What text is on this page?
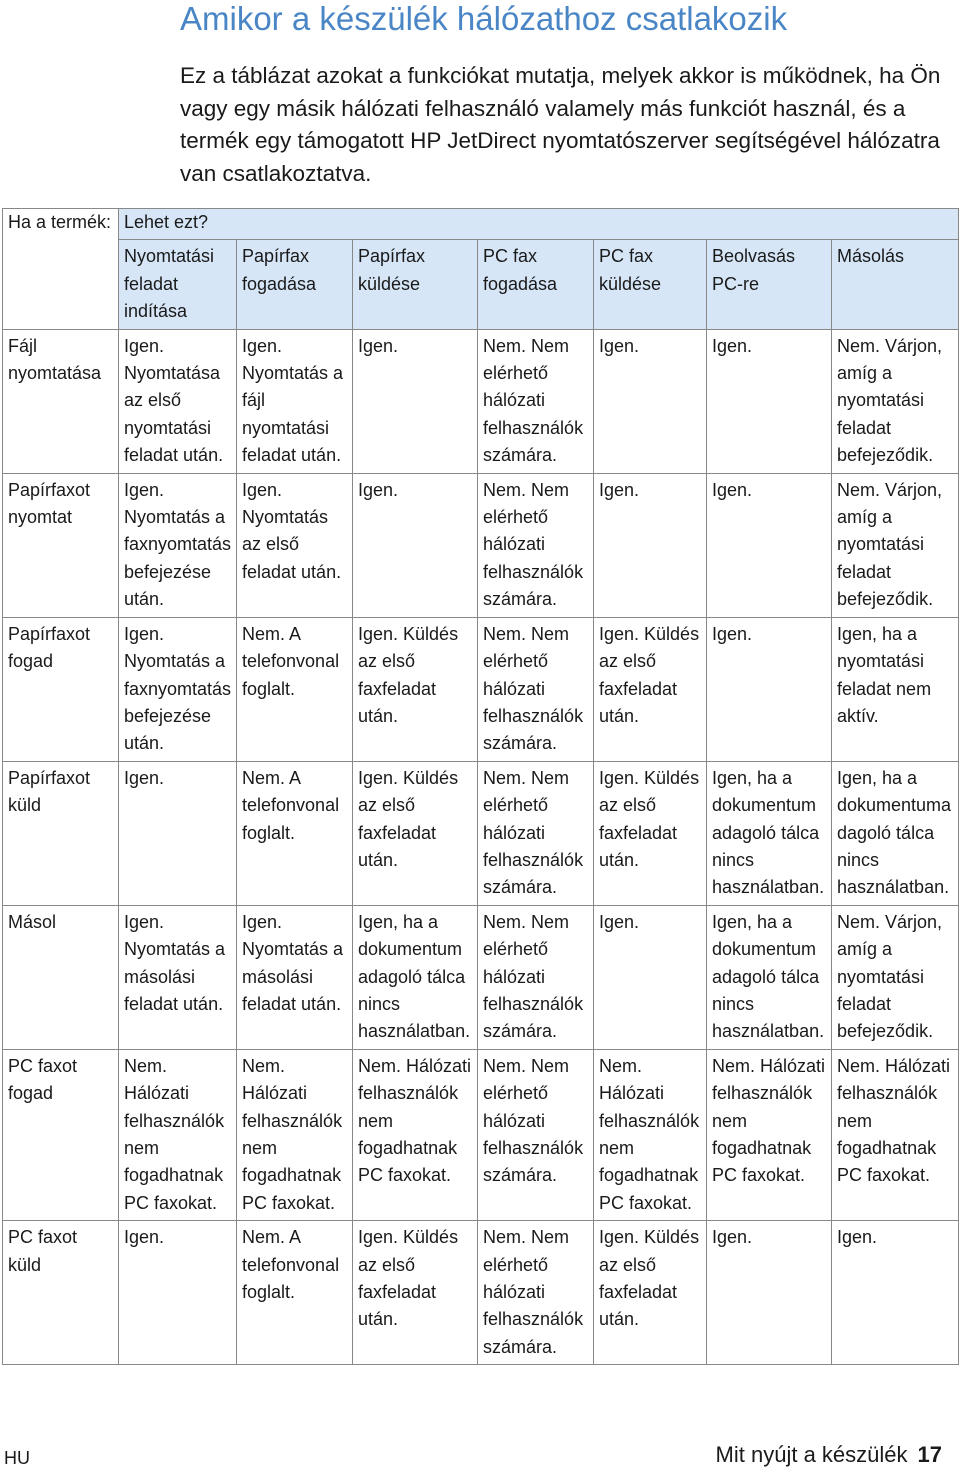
Amikor a készülék hálózathoz csatlakozik

Ez a táblázat azokat a funkciókat mutatja, melyek akkor is működnek, ha Ön vagy egy másik hálózati felhasználó valamely más funkciót használ, és a termék egy támogatott HP JetDirect nyomtatószerver segítségével hálózatra van csatlakoztatva.

Ha a termék:	Lehet ezt?						
	Nyomtatási feladat indítása	Papírfax fogadása	Papírfax küldése	PC fax fogadása	PC fax küldése	Beolvasás PC-re	Másolás
Fájl nyomtatása	Igen. Nyomtatása az első nyomtatási feladat után.	Igen. Nyomtatás a fájl nyomtatási feladat után.	Igen.	Nem. Nem elérhető hálózati felhasználók számára.	Igen.	Igen.	Nem. Várjon, amíg a nyomtatási feladat befejeződik.
Papírfaxot nyomtat	Igen. Nyomtatás a faxnyomtatás befejezése után.	Igen. Nyomtatás az első feladat után.	Igen.	Nem. Nem elérhető hálózati felhasználók számára.	Igen.	Igen.	Nem. Várjon, amíg a nyomtatási feladat befejeződik.
Papírfaxot fogad	Igen. Nyomtatás a faxnyomtatás befejezése után.	Nem. A telefonvonal foglalt.	Igen. Küldés az első faxfeladat után.	Nem. Nem elérhető hálózati felhasználók számára.	Igen. Küldés az első faxfeladat után.	Igen.	Igen, ha a nyomtatási feladat nem aktív.
Papírfaxot küld	Igen.	Nem. A telefonvonal foglalt.	Igen. Küldés az első faxfeladat után.	Nem. Nem elérhető hálózati felhasználók számára.	Igen. Küldés az első faxfeladat után.	Igen, ha a dokumentum adagoló tálca nincs használatban.	Igen, ha a dokumentuma dagoló tálca nincs használatban.
Másol	Igen. Nyomtatás a másolási feladat után.	Igen. Nyomtatás a másolási feladat után.	Igen, ha a dokumentum adagoló tálca nincs használatban.	Nem. Nem elérhető hálózati felhasználók számára.	Igen.	Igen, ha a dokumentum adagoló tálca nincs használatban.	Nem. Várjon, amíg a nyomtatási feladat befejeződik.
PC faxot fogad	Nem. Hálózati felhasználók nem fogadhatnak PC faxokat.	Nem. Hálózati felhasználók nem fogadhatnak PC faxokat.	Nem. Hálózati felhasználók nem fogadhatnak PC faxokat.	Nem. Nem elérhető hálózati felhasználók számára.	Nem. Hálózati felhasználók nem fogadhatnak PC faxokat.	Nem. Hálózati felhasználók nem fogadhatnak PC faxokat.	Nem. Hálózati felhasználók nem fogadhatnak PC faxokat.
PC faxot küld	Igen.	Nem. A telefonvonal foglalt.	Igen. Küldés az első faxfeladat után.	Nem. Nem elérhető hálózati felhasználók számára.	Igen. Küldés az első faxfeladat után.	Igen.	Igen.
HU	Mit nyújt a készülék 17
